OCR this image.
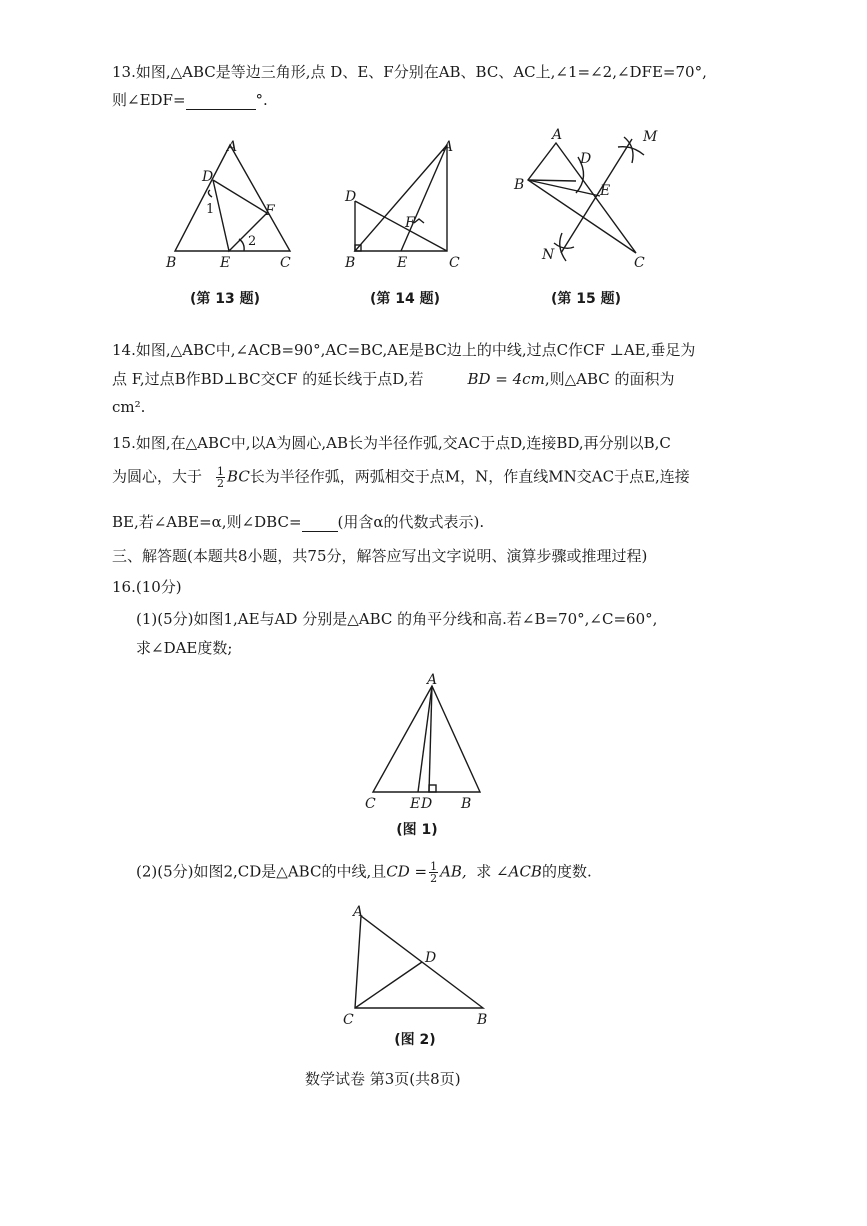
13.如图,△ABC是等边三角形,点 D、E、F分别在AB、BC、AC上,∠1=∠2,∠DFE=70°,
则∠EDF=	°.
A
D
F
B	E	C
1
2
(第 13 题)
A
D
F
B	E	C
(第 14 题)
A
D
M
B	E
N	C
(第 15 题)
14.如图,△ABC中,∠ACB=90°,AC=BC,AE是BC边上的中线,过点C作CF ⊥AE,垂足为
点 F,过点B作BD⊥BC交CF 的延长线于点D,若	BD = 4cm,则△ABC 的面积为
cm².
15.如图,在△ABC中,以A为圆心,AB长为半径作弧,交AC于点D,连接BD,再分别以B,C
为圆心，大于 $\frac{1}{2}$ BC长为半径作弧，两弧相交于点M，N，作直线MN交AC于点E,连接
BE,若∠ABE=α,则∠DBC= (用含α的代数式表示).
三、解答题(本题共8小题，共75分，解答应写出文字说明、演算步骤或推理过程)
16.(10分)
(1)(5分)如图1,AE与AD 分别是△ABC 的角平分线和高.若∠B=70°,∠C=60°,
求∠DAE度数;
A
C E D B
(图 1)
(2)(5分)如图2,CD是△ABC的中线,且CD = $\frac{1}{2}$ AB, 求 ∠ACB的度数.
A
D
C	B
(图 2)
数学试卷 第3页(共8页)
